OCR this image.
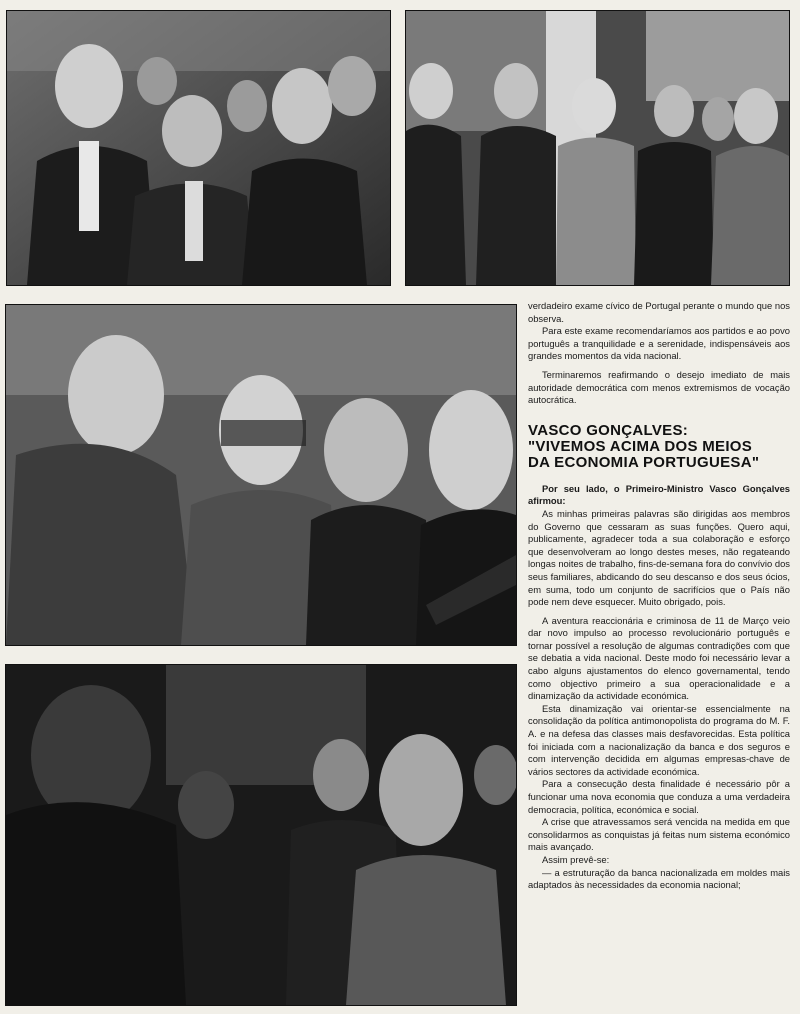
verdadeiro exame cívico de Portugal perante o mundo que nos observa.

Para este exame recomendaríamos aos partidos e ao povo português a tranquilidade e a serenidade, indispensáveis aos grandes momentos da vida nacional.

Terminaremos reafirmando o desejo imediato de mais autoridade democrática com menos extremismos de vocação autocrática.

VASCO GONÇALVES:
"VIVEMOS ACIMA DOS MEIOS
DA ECONOMIA PORTUGUESA"

Por seu lado, o Primeiro-Ministro Vasco Gonçalves afirmou:

As minhas primeiras palavras são dirigidas aos membros do Governo que cessaram as suas funções. Quero aqui, publicamente, agradecer toda a sua colaboração e esforço que desenvolveram ao longo destes meses, não regateando longas noites de trabalho, fins-de-semana fora do convívio dos seus familiares, abdicando do seu descanso e dos seus ócios, em suma, todo um conjunto de sacrifícios que o País não pode nem deve esquecer. Muito obrigado, pois.

A aventura reaccionária e criminosa de 11 de Março veio dar novo impulso ao processo revolucionário português e tornar possível a resolução de algumas contradições com que se debatia a vida nacional. Deste modo foi necessário levar a cabo alguns ajustamentos do elenco governamental, tendo como objectivo primeiro a sua operacionalidade e a dinamização da actividade económica.

Esta dinamização vai orientar-se essencialmente na consolidação da política antimonopolista do programa do M. F. A. e na defesa das classes mais desfavorecidas. Esta política foi iniciada com a nacionalização da banca e dos seguros e com intervenção decidida em algumas empresas-chave de vários sectores da actividade económica.

Para a consecução desta finalidade é necessário pôr a funcionar uma nova economia que conduza a uma verdadeira democracia, política, económica e social.

A crise que atravessamos será vencida na medida em que consolidarmos as conquistas já feitas num sistema económico mais avançado.

Assim prevê-se:

— a estruturação da banca nacionalizada em moldes mais adaptados às necessidades da economia nacional;
